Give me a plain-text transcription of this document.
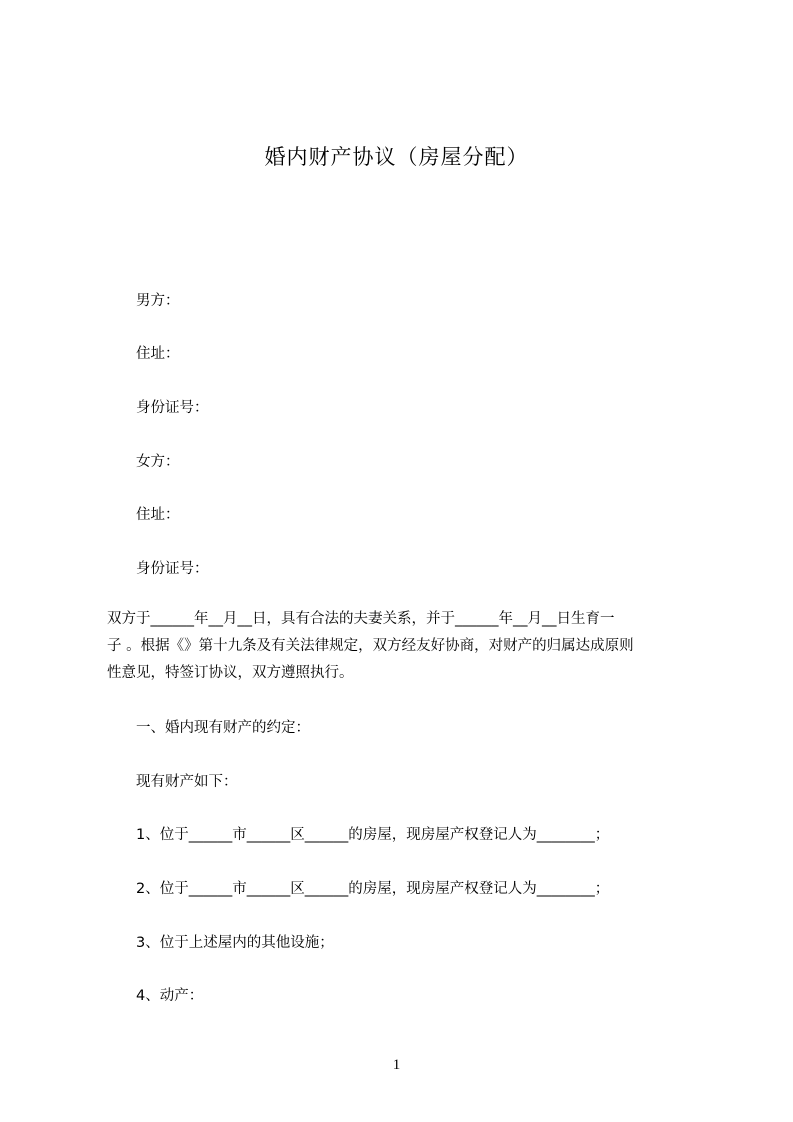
婚内财产协议（房屋分配）
男方：
住址：
身份证号：
女方：
住址：
身份证号：
双方于______年__月__日，具有合法的夫妻关系，并于______年__月__日生育一
子 。根据《》第十九条及有关法律规定，双方经友好协商，对财产的归属达成原则
性意见，特签订协议，双方遵照执行。
一、婚内现有财产的约定：
现有财产如下：
1、位于______市______区______的房屋，现房屋产权登记人为________；
2、位于______市______区______的房屋，现房屋产权登记人为________；
3、位于上述屋内的其他设施；
4、动产：
1
